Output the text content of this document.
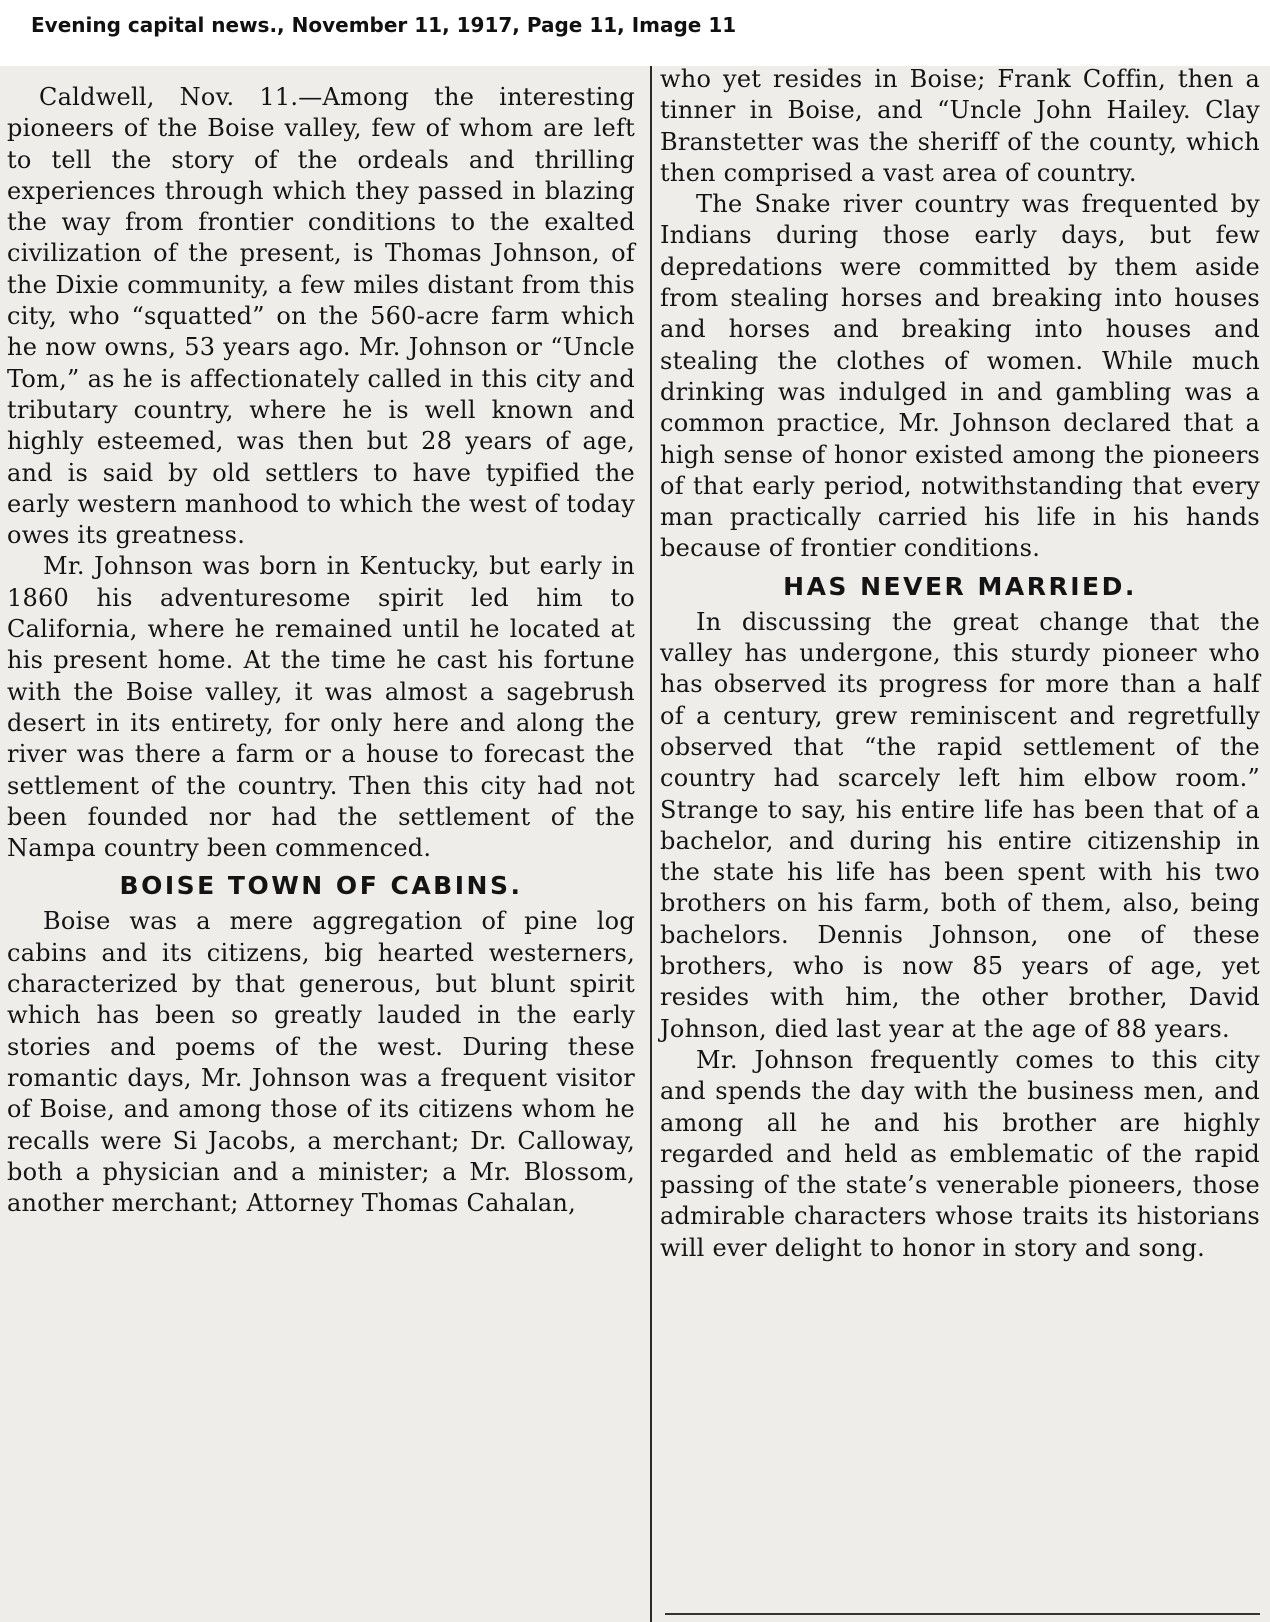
Evening capital news., November 11, 1917, Page 11, Image 11

Caldwell, Nov. 11.—Among the interesting pioneers of the Boise valley, few of whom are left to tell the story of the ordeals and thrilling experiences through which they passed in blazing the way from frontier conditions to the exalted civilization of the present, is Thomas Johnson, of the Dixie community, a few miles distant from this city, who “squatted” on the 560-acre farm which he now owns, 53 years ago. Mr. Johnson or “Uncle Tom,” as he is affectionately called in this city and tributary country, where he is well known and highly esteemed, was then but 28 years of age, and is said by old settlers to have typified the early western manhood to which the west of today owes its greatness.

Mr. Johnson was born in Kentucky, but early in 1860 his adventuresome spirit led him to California, where he remained until he located at his present home. At the time he cast his fortune with the Boise valley, it was almost a sagebrush desert in its entirety, for only here and along the river was there a farm or a house to forecast the settlement of the country. Then this city had not been founded nor had the settlement of the Nampa country been commenced.

BOISE TOWN OF CABINS.

Boise was a mere aggregation of pine log cabins and its citizens, big hearted westerners, characterized by that generous, but blunt spirit which has been so greatly lauded in the early stories and poems of the west. During these romantic days, Mr. Johnson was a frequent visitor of Boise, and among those of its citizens whom he recalls were Si Jacobs, a merchant; Dr. Calloway, both a physician and a minister; a Mr. Blossom, another merchant; Attorney Thomas Cahalan,

who yet resides in Boise; Frank Coffin, then a tinner in Boise, and “Uncle John Hailey. Clay Branstetter was the sheriff of the county, which then comprised a vast area of country.

The Snake river country was frequented by Indians during those early days, but few depredations were committed by them aside from stealing horses and breaking into houses and horses and breaking into houses and stealing the clothes of women. While much drinking was indulged in and gambling was a common practice, Mr. Johnson declared that a high sense of honor existed among the pioneers of that early period, notwithstanding that every man practically carried his life in his hands because of frontier conditions.

HAS NEVER MARRIED.

In discussing the great change that the valley has undergone, this sturdy pioneer who has observed its progress for more than a half of a century, grew reminiscent and regretfully observed that “the rapid settlement of the country had scarcely left him elbow room.” Strange to say, his entire life has been that of a bachelor, and during his entire citizenship in the state his life has been spent with his two brothers on his farm, both of them, also, being bachelors. Dennis Johnson, one of these brothers, who is now 85 years of age, yet resides with him, the other brother, David Johnson, died last year at the age of 88 years.

Mr. Johnson frequently comes to this city and spends the day with the business men, and among all he and his brother are highly regarded and held as emblematic of the rapid passing of the state’s venerable pioneers, those admirable characters whose traits its historians will ever delight to honor in story and song.
